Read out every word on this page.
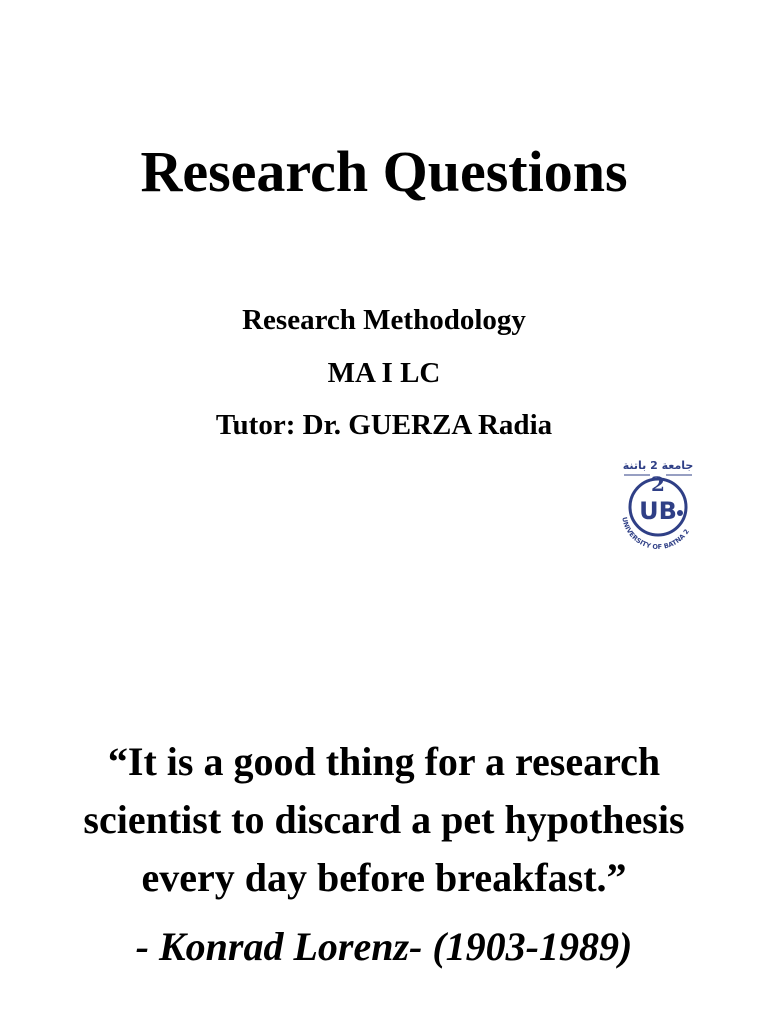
Research Questions
Research Methodology
MA I LC
Tutor: Dr. GUERZA Radia
جامعة 2 باتنة
2
UB
UNIVERSITY OF BATNA 2
“It is a good thing for a research
scientist to discard a pet hypothesis
every day before breakfast.”
- Konrad Lorenz- (1903-1989)
